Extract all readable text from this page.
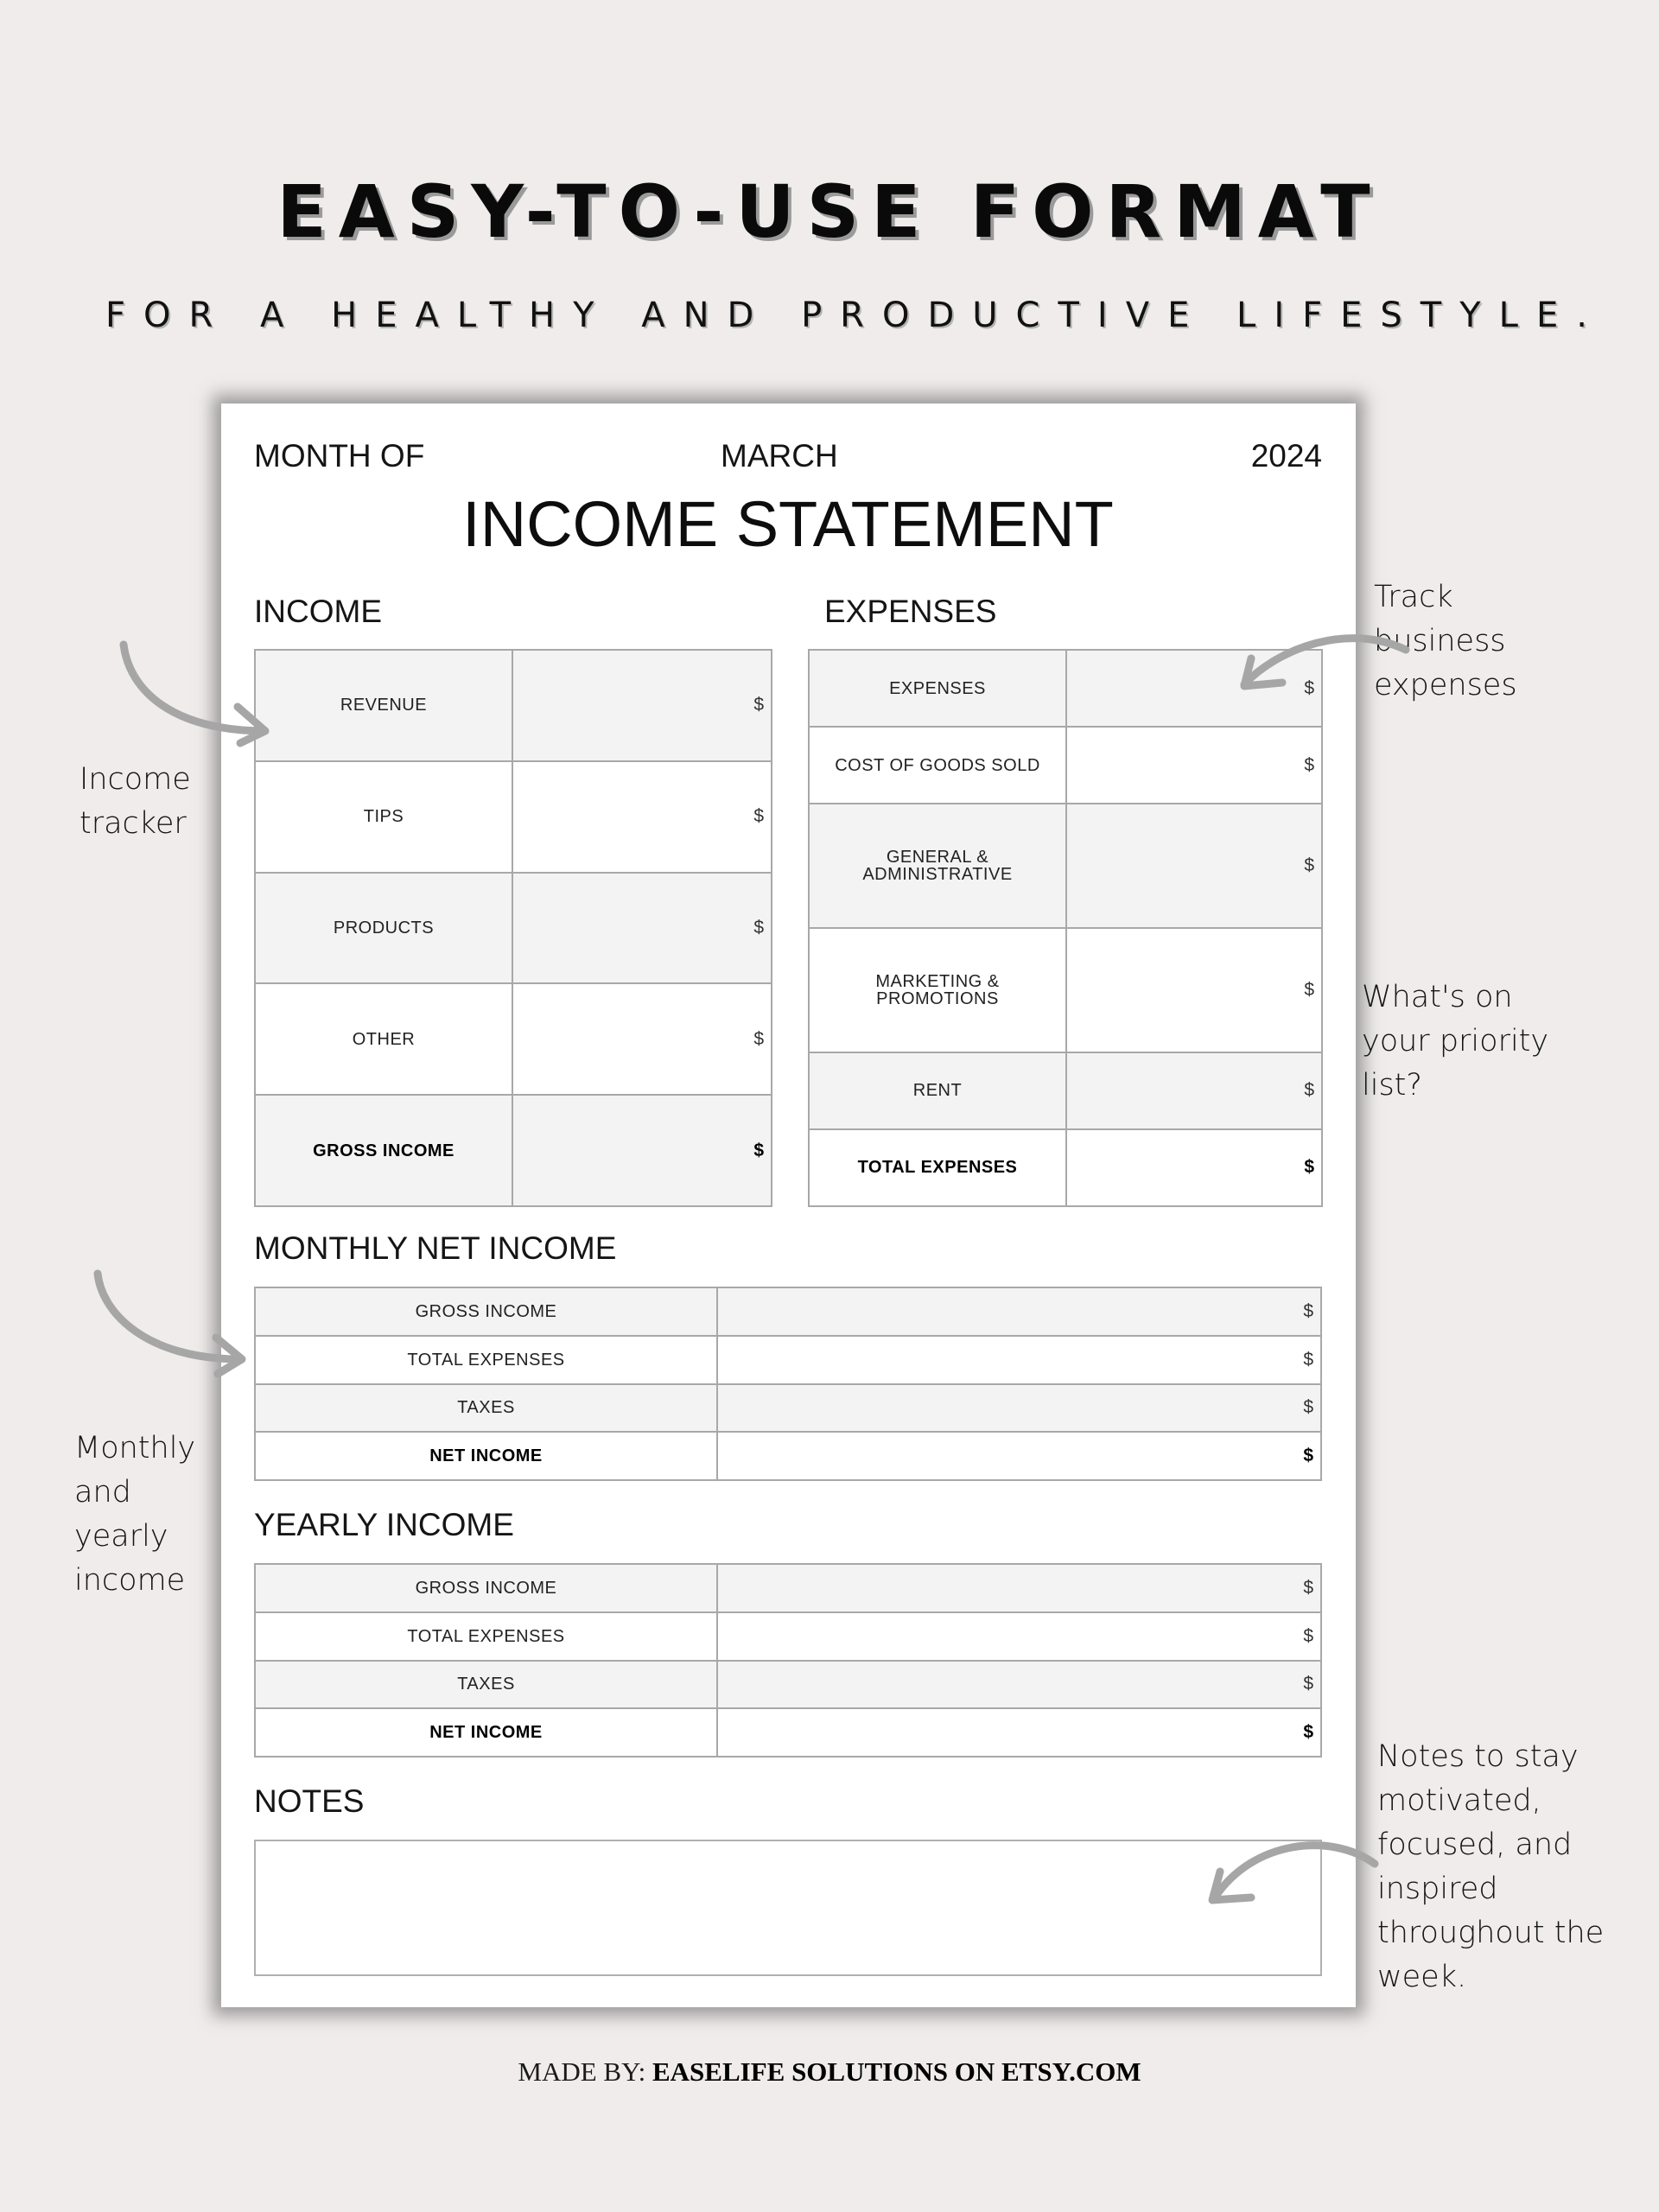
EASY-TO-USE FORMAT
FOR A HEALTHY AND PRODUCTIVE LIFESTYLE.
MONTH OF	MARCH	2024
INCOME STATEMENT
INCOME
REVENUE	$
TIPS	$
PRODUCTS	$
OTHER	$
GROSS INCOME	$
EXPENSES
EXPENSES	$
COST OF GOODS SOLD	$

GENERAL &
ADMINISTRATIVE	$

MARKETING &
PROMOTIONS	$
RENT	$
TOTAL EXPENSES	$
MONTHLY NET INCOME
GROSS INCOME	$
TOTAL EXPENSES	$
TAXES	$
NET INCOME	$
YEARLY INCOME
GROSS INCOME	$
TOTAL EXPENSES	$
TAXES	$
NET INCOME	$
NOTES
Income
tracker
Track
business
expenses
What's on
your priority
list?
Monthly
and
yearly
income
Notes to stay
motivated,
focused, and
inspired
throughout the
week.
MADE BY: EASELIFE SOLUTIONS ON ETSY.COM
